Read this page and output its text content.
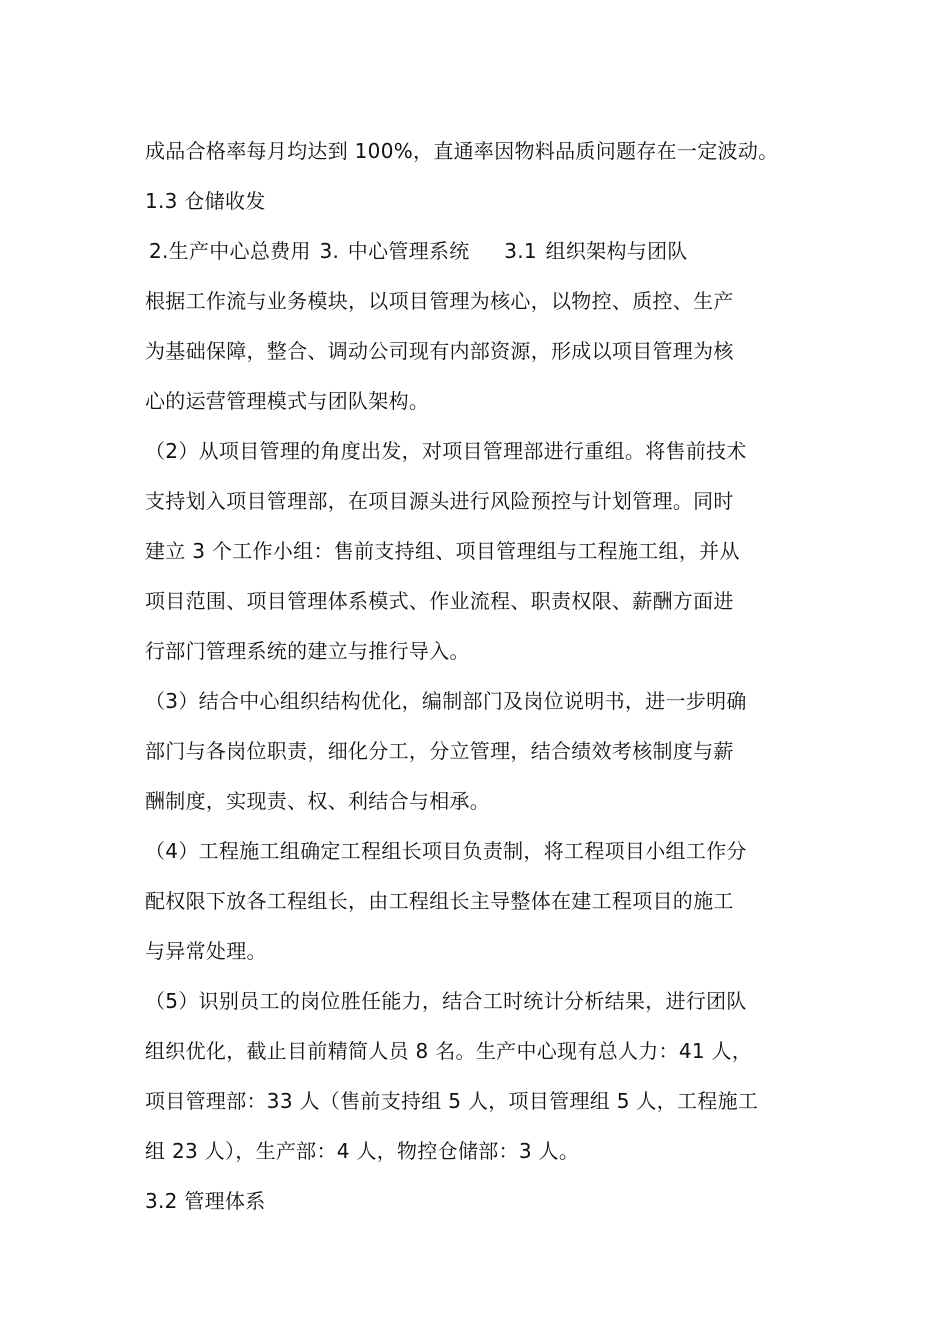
成品合格率每月均达到 100%，直通率因物料品质问题存在一定波动。
1.3 仓储收发
2.生产中心总费用 3. 中心管理系统    3.1 组织架构与团队
根据工作流与业务模块，以项目管理为核心，以物控、质控、生产
为基础保障，整合、调动公司现有内部资源，形成以项目管理为核
心的运营管理模式与团队架构。
（2）从项目管理的角度出发，对项目管理部进行重组。将售前技术
支持划入项目管理部，在项目源头进行风险预控与计划管理。同时
建立 3 个工作小组：售前支持组、项目管理组与工程施工组，并从
项目范围、项目管理体系模式、作业流程、职责权限、薪酬方面进
行部门管理系统的建立与推行导入。
（3）结合中心组织结构优化，编制部门及岗位说明书，进一步明确
部门与各岗位职责，细化分工，分立管理，结合绩效考核制度与薪
酬制度，实现责、权、利结合与相承。
（4）工程施工组确定工程组长项目负责制，将工程项目小组工作分
配权限下放各工程组长，由工程组长主导整体在建工程项目的施工
与异常处理。
（5）识别员工的岗位胜任能力，结合工时统计分析结果，进行团队
组织优化，截止目前精简人员 8 名。生产中心现有总人力：41 人，
项目管理部：33 人（售前支持组 5 人，项目管理组 5 人，工程施工
组 23 人），生产部：4 人，物控仓储部：3 人。
3.2 管理体系
